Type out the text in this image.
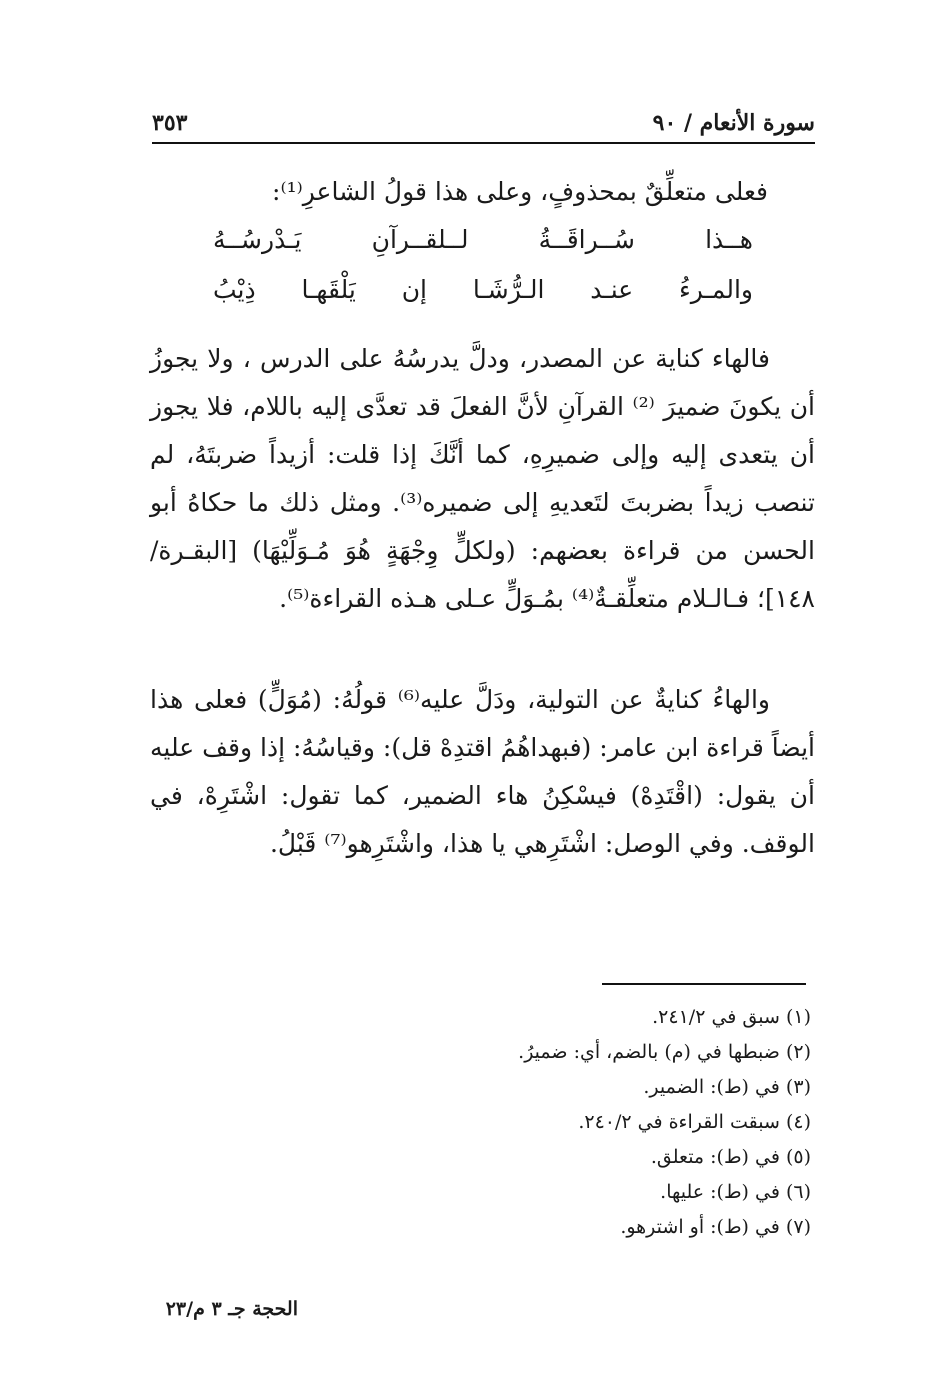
سورة الأنعام / ٩٠
٣٥٣
فعلى متعلِّقٌ بمحذوفٍ، وعلى هذا قولُ الشاعرِ⁽¹⁾:
هــذا سُــراقَــةُ لــلقــرآنِ يَـدْرسُــهُ
والمـرءُ عنـد الـرُّشَـا إن يَلْقَهـا ذِيْبُ
فالهاء كناية عن المصدر، ودلَّ يدرسُهُ على الدرس ، ولا يجوزُ أن يكونَ ضميرَ ⁽²⁾ القرآنِ لأنَّ الفعلَ قد تعدَّى إليه باللام، فلا يجوز أن يتعدى إليه وإلى ضميرِهِ، كما أنَّكَ إذا قلت: أزيداً ضربتَهُ، لم تنصب زيداً بضربتَ لتَعديهِ إلى ضميره⁽³⁾. ومثل ذلك ما حكاهُ أبو الحسن من قراءة بعضهم: (ولكلٍّ وِجْهَةٍ هُوَ مُـوَلِّيْهَا) [البقـرة/١٤٨]؛ فـالـلام متعلِّقـةٌ⁽⁴⁾ بمُـوَلٍّ عـلى هـذه القراءة⁽⁵⁾.
والهاءُ كنايةٌ عن التولية، ودَلَّ عليه⁽⁶⁾ قولُهُ: (مُوَلٍّ) فعلى هذا أيضاً قراءة ابن عامر: (فبهداهُمُ اقتدِهْ قل): وقياسُهُ: إذا وقف عليه أن يقول: (اقْتَدِهْ) فيسْكِنُ هاء الضمير، كما تقول: اشْتَرِهْ، في الوقف. وفي الوصل: اشْتَرِهي يا هذا، واشْتَرِهو⁽⁷⁾ قَبْلُ.
(١) سبق في ٢٤١/٢.
(٢) ضبطها في (م) بالضم، أي: ضميرُ.
(٣) في (ط): الضمير.
(٤) سبقت القراءة في ٢٤٠/٢.
(٥) في (ط): متعلق.
(٦) في (ط): عليها.
(٧) في (ط): أو اشترهو.
الحجة جـ ٣ م/٢٣
